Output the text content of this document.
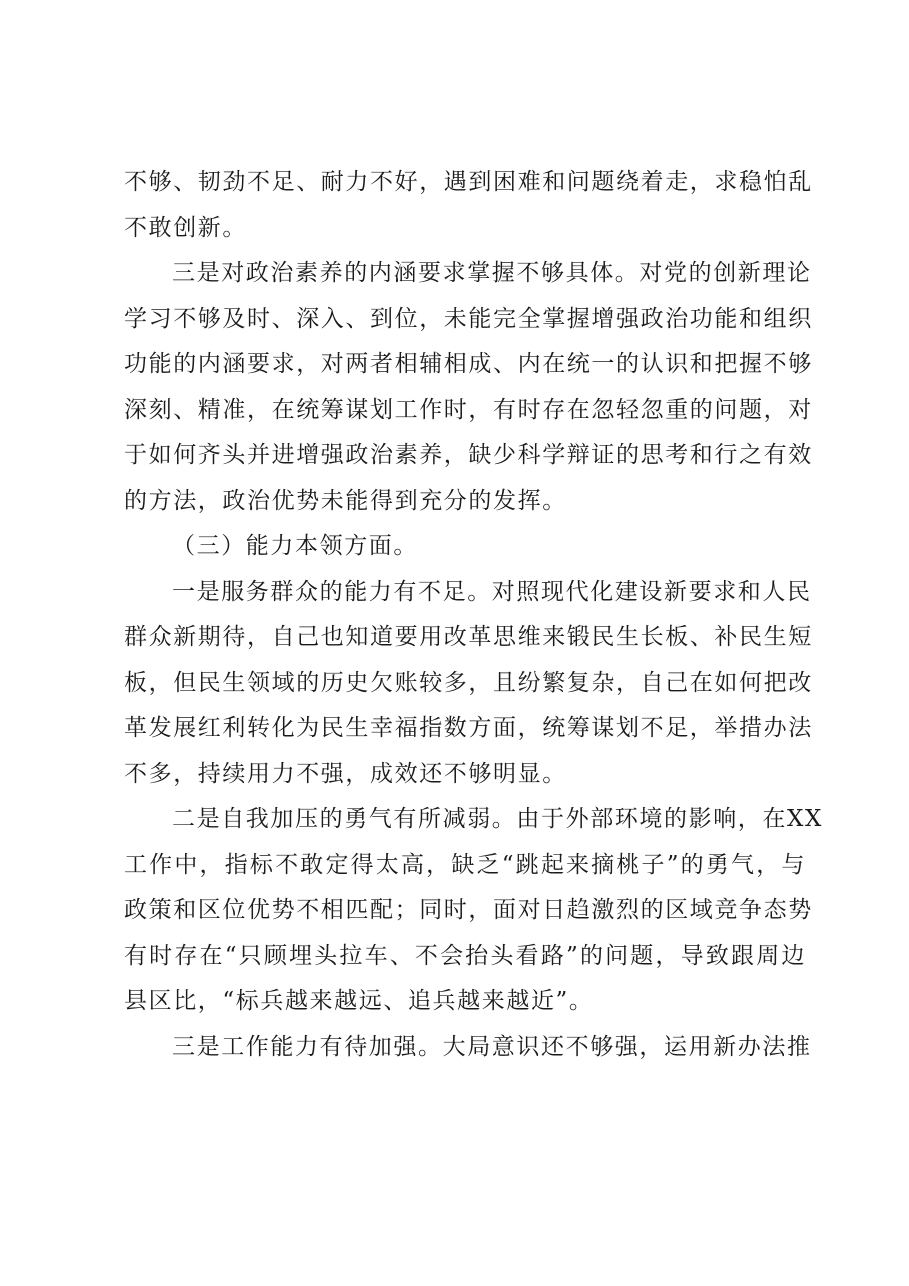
不够、韧劲不足、耐力不好，遇到困难和问题绕着走，求稳怕乱
不敢创新。
三是对政治素养的内涵要求掌握不够具体。对党的创新理论
学习不够及时、深入、到位，未能完全掌握增强政治功能和组织
功能的内涵要求，对两者相辅相成、内在统一的认识和把握不够
深刻、精准，在统筹谋划工作时，有时存在忽轻忽重的问题，对
于如何齐头并进增强政治素养，缺少科学辩证的思考和行之有效
的方法，政治优势未能得到充分的发挥。
（三）能力本领方面。
一是服务群众的能力有不足。对照现代化建设新要求和人民
群众新期待，自己也知道要用改革思维来锻民生长板、补民生短
板，但民生领域的历史欠账较多，且纷繁复杂，自己在如何把改
革发展红利转化为民生幸福指数方面，统筹谋划不足，举措办法
不多，持续用力不强，成效还不够明显。
二是自我加压的勇气有所减弱。由于外部环境的影响，在XX
工作中，指标不敢定得太高，缺乏“跳起来摘桃子”的勇气，与
政策和区位优势不相匹配；同时，面对日趋激烈的区域竞争态势
有时存在“只顾埋头拉车、不会抬头看路”的问题，导致跟周边
县区比，“标兵越来越远、追兵越来越近”。
三是工作能力有待加强。大局意识还不够强，运用新办法推
